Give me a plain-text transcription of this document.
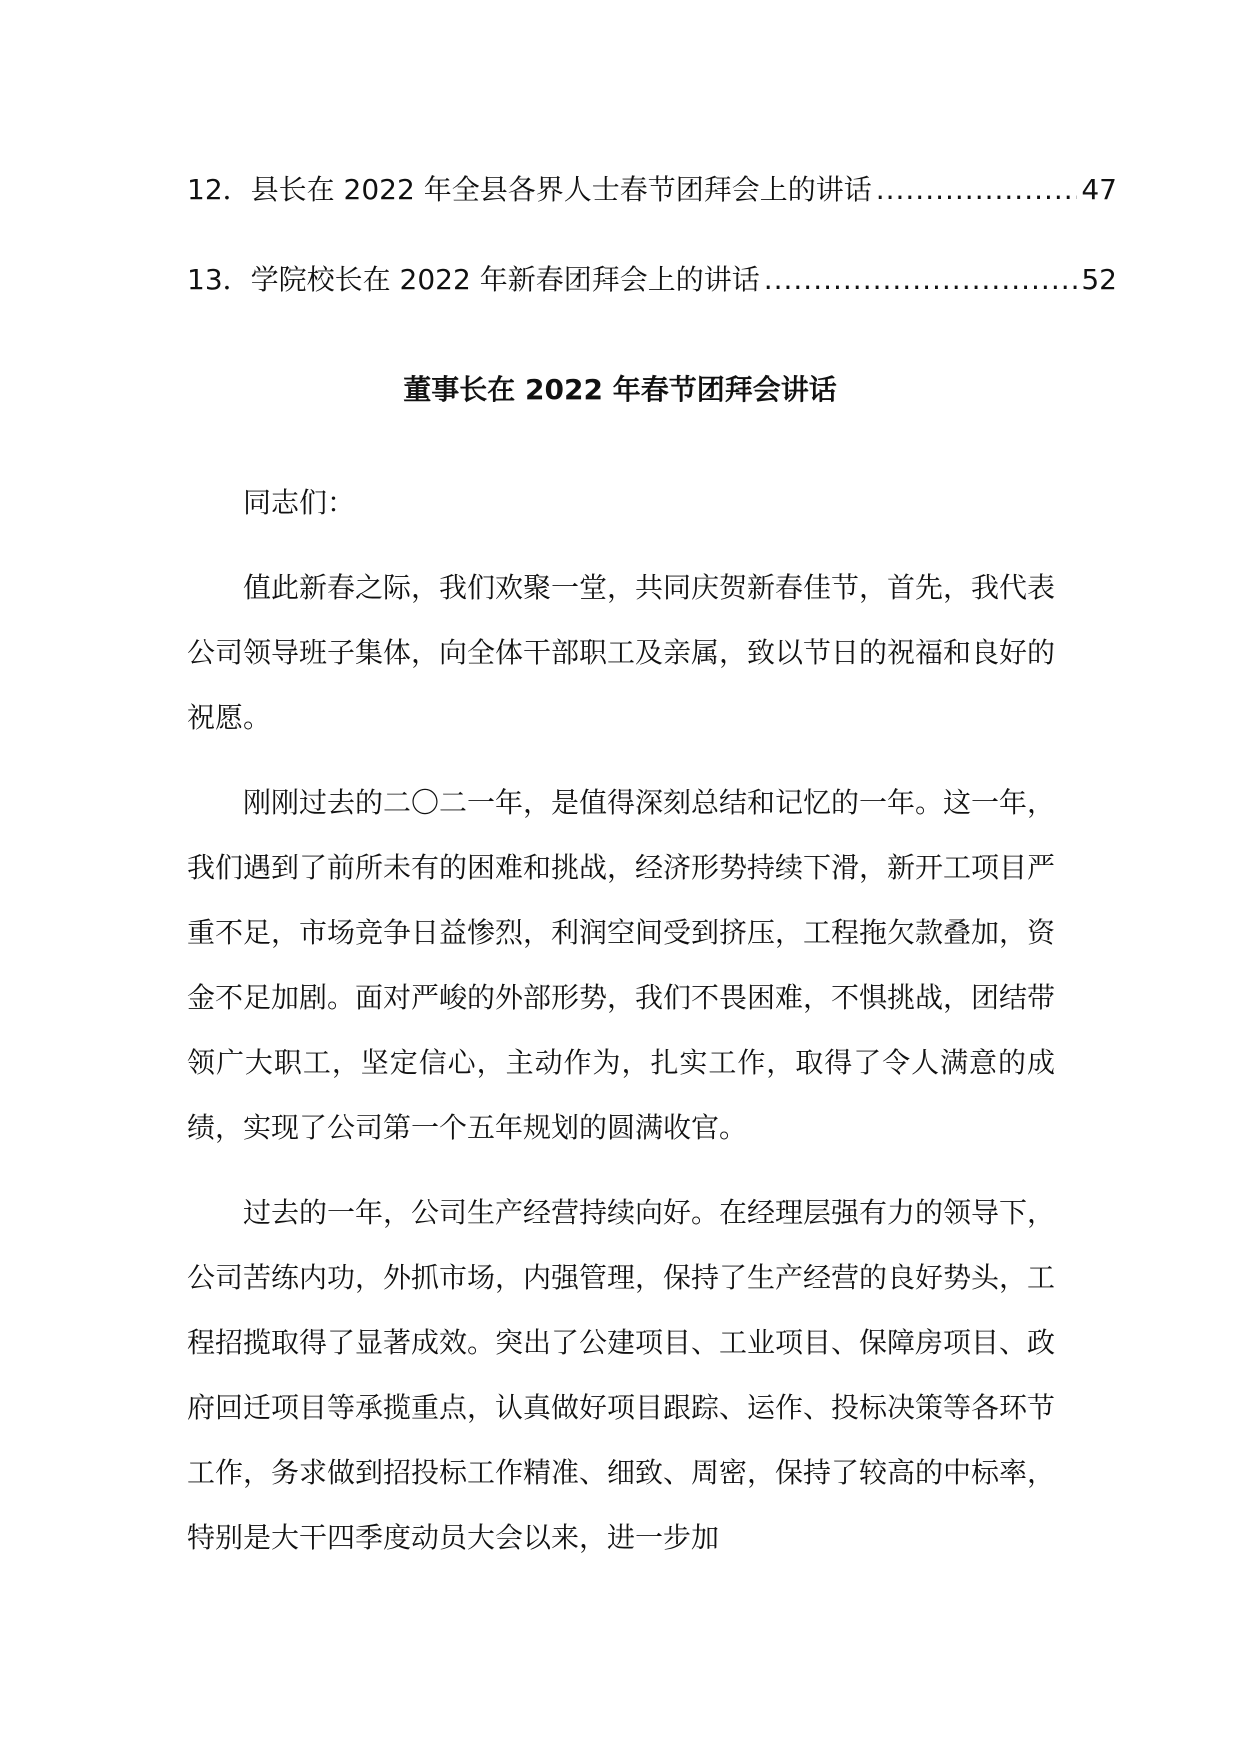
12． 县长在 2022 年全县各界人士春节团拜会上的讲话 .....	47
13． 学院校长在 2022 年新春团拜会上的讲话 .....	52
董事长在 2022 年春节团拜会讲话

同志们：

值此新春之际，我们欢聚一堂，共同庆贺新春佳节，首先，我代表公司领导班子集体，向全体干部职工及亲属，致以节日的祝福和良好的祝愿。

刚刚过去的二〇二一年，是值得深刻总结和记忆的一年。这一年，我们遇到了前所未有的困难和挑战，经济形势持续下滑，新开工项目严重不足，市场竞争日益惨烈，利润空间受到挤压，工程拖欠款叠加，资金不足加剧。面对严峻的外部形势，我们不畏困难，不惧挑战，团结带领广大职工，坚定信心，主动作为，扎实工作，取得了令人满意的成绩，实现了公司第一个五年规划的圆满收官。

过去的一年，公司生产经营持续向好。在经理层强有力的领导下，公司苦练内功，外抓市场，内强管理，保持了生产经营的良好势头，工程招揽取得了显著成效。突出了公建项目、工业项目、保障房项目、政府回迁项目等承揽重点，认真做好项目跟踪、运作、投标决策等各环节工作，务求做到招投标工作精准、细致、周密，保持了较高的中标率，特别是大干四季度动员大会以来，进一步加
